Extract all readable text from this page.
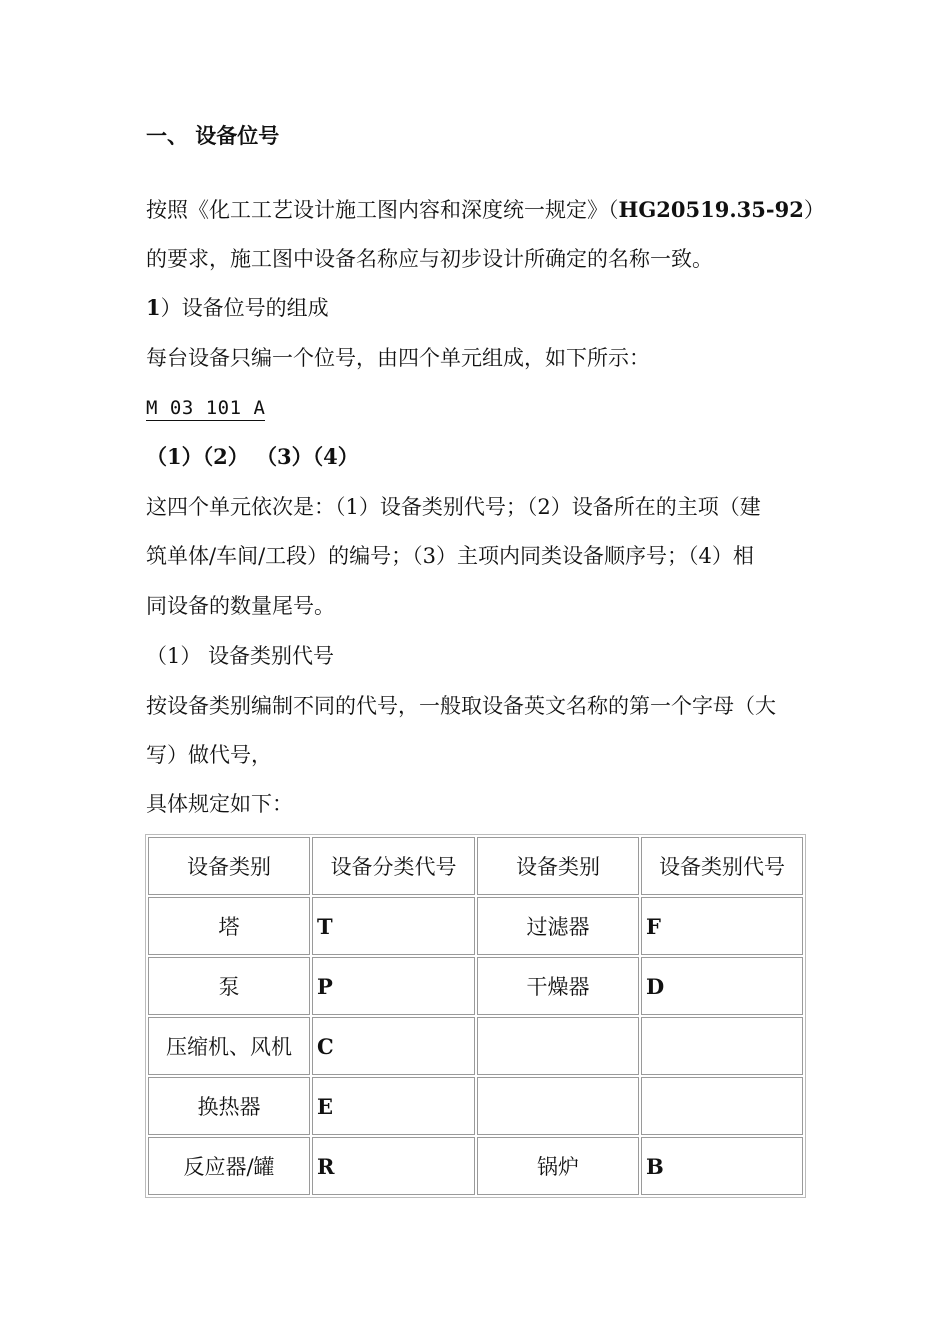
一、 设备位号
按照《化工工艺设计施工图内容和深度统一规定》（HG20519.35-92）
的要求，施工图中设备名称应与初步设计所确定的名称一致。
1）设备位号的组成
每台设备只编一个位号，由四个单元组成，如下所示：
M 03 101 A
（1）（2） （3）（4）
这四个单元依次是：（1）设备类别代号；（2）设备所在的主项（建
筑单体/车间/工段）的编号；（3）主项内同类设备顺序号；（4）相
同设备的数量尾号。
（1） 设备类别代号
按设备类别编制不同的代号，一般取设备英文名称的第一个字母（大
写）做代号，
具体规定如下：
设备类别	设备分类代号	设备类别	设备类别代号
塔	T	过滤器	F
泵	P	干燥器	D
压缩机、风机	C		
换热器	E		
反应器/罐	R	锅炉	B
